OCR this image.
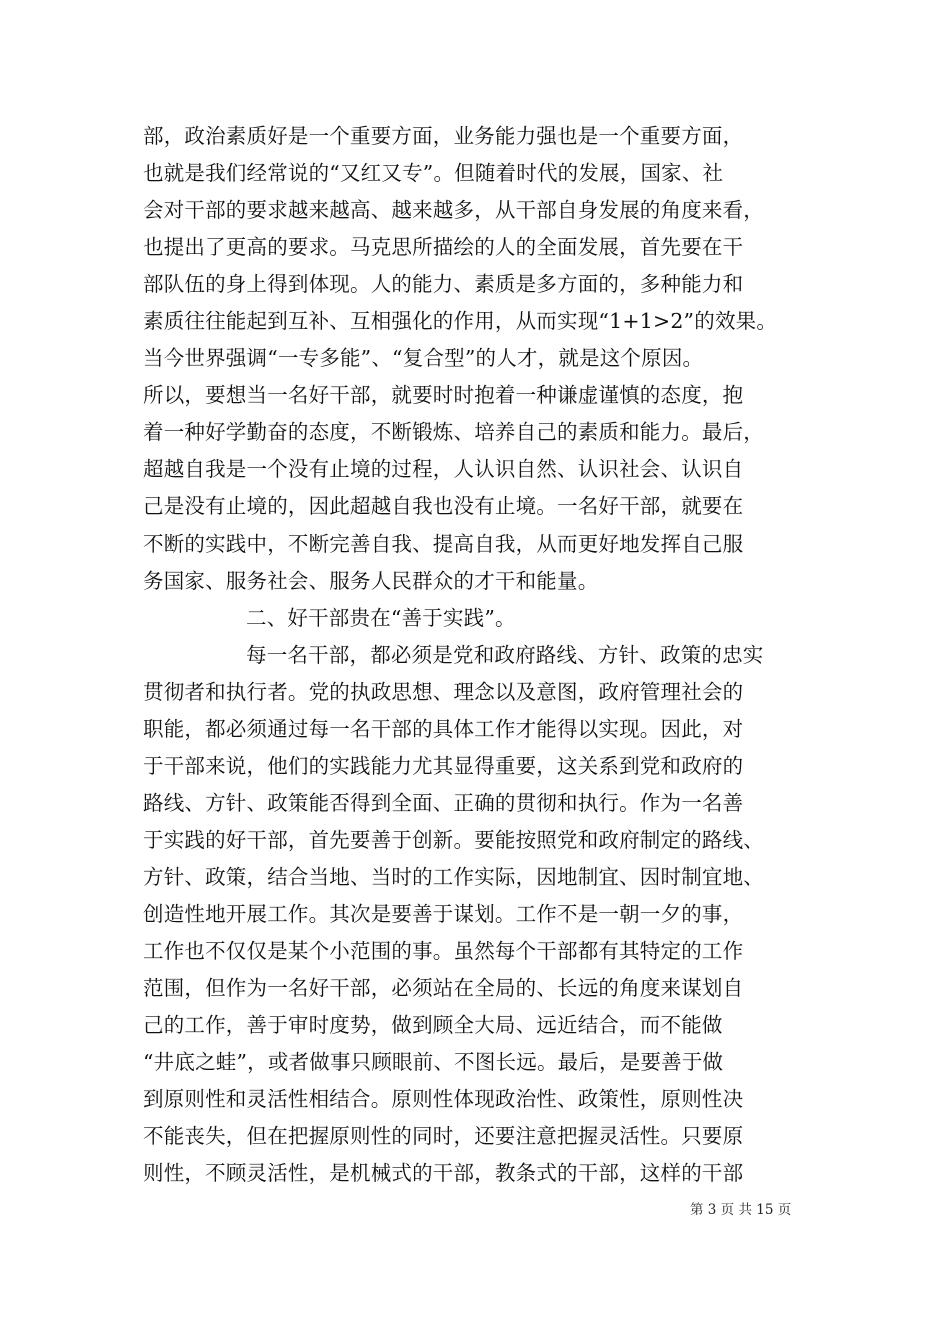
部，政治素质好是一个重要方面，业务能力强也是一个重要方面，
也就是我们经常说的“又红又专”。但随着时代的发展，国家、社
会对干部的要求越来越高、越来越多，从干部自身发展的角度来看，
也提出了更高的要求。马克思所描绘的人的全面发展，首先要在干
部队伍的身上得到体现。人的能力、素质是多方面的，多种能力和
素质往往能起到互补、互相强化的作用，从而实现“1+1>2”的效果。
当今世界强调“一专多能”、“复合型”的人才，就是这个原因。
所以，要想当一名好干部，就要时时抱着一种谦虚谨慎的态度，抱
着一种好学勤奋的态度，不断锻炼、培养自己的素质和能力。最后，
超越自我是一个没有止境的过程，人认识自然、认识社会、认识自
己是没有止境的，因此超越自我也没有止境。一名好干部，就要在
不断的实践中，不断完善自我、提高自我，从而更好地发挥自己服
务国家、服务社会、服务人民群众的才干和能量。
二、好干部贵在“善于实践”。
每一名干部，都必须是党和政府路线、方针、政策的忠实
贯彻者和执行者。党的执政思想、理念以及意图，政府管理社会的
职能，都必须通过每一名干部的具体工作才能得以实现。因此，对
于干部来说，他们的实践能力尤其显得重要，这关系到党和政府的
路线、方针、政策能否得到全面、正确的贯彻和执行。作为一名善
于实践的好干部，首先要善于创新。要能按照党和政府制定的路线、
方针、政策，结合当地、当时的工作实际，因地制宜、因时制宜地、
创造性地开展工作。其次是要善于谋划。工作不是一朝一夕的事，
工作也不仅仅是某个小范围的事。虽然每个干部都有其特定的工作
范围，但作为一名好干部，必须站在全局的、长远的角度来谋划自
己的工作，善于审时度势，做到顾全大局、远近结合，而不能做
“井底之蛙”，或者做事只顾眼前、不图长远。最后，是要善于做
到原则性和灵活性相结合。原则性体现政治性、政策性，原则性决
不能丧失，但在把握原则性的同时，还要注意把握灵活性。只要原
则性，不顾灵活性，是机械式的干部，教条式的干部，这样的干部
第 3 页 共 15 页
